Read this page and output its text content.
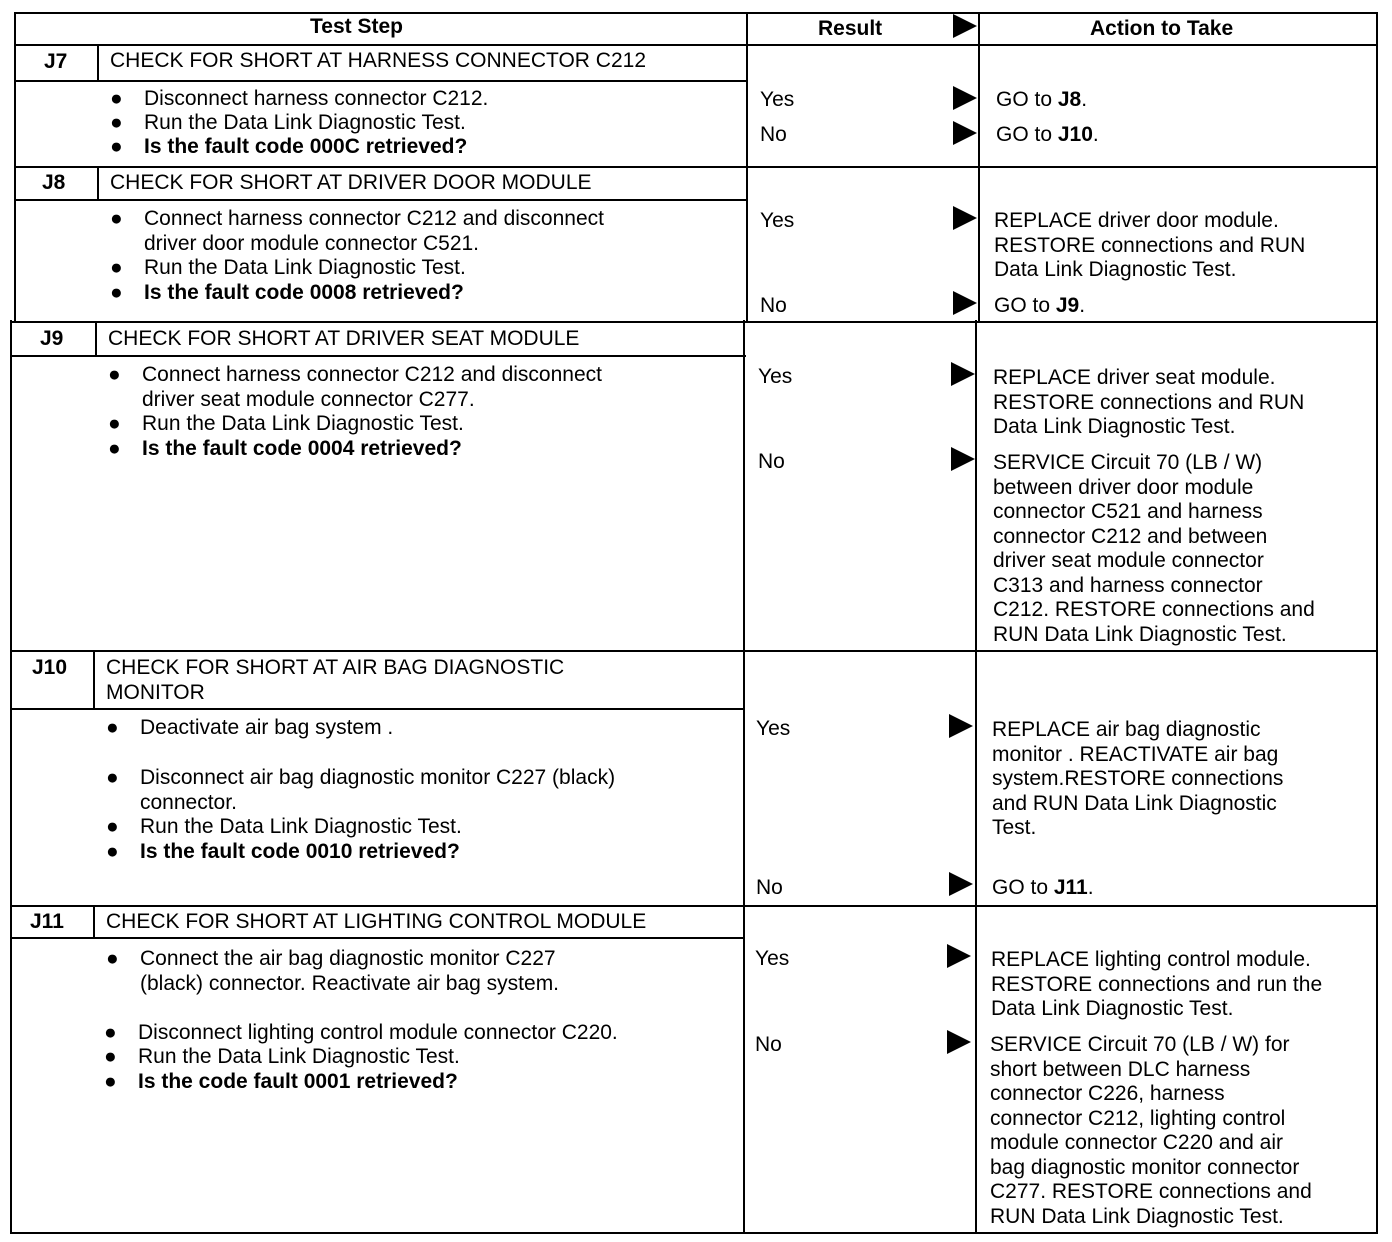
Test Step	Result	Action to Take
J7 CHECK FOR SHORT AT HARNESS CONNECTOR C212
● Disconnect harness connector C212.
● Run the Data Link Diagnostic Test.
● Is the fault code 000C retrieved?
Yes	GO to J8.
No	GO to J10.
J8 CHECK FOR SHORT AT DRIVER DOOR MODULE
● Connect harness connector C212 and disconnect
driver door module connector C521.
● Run the Data Link Diagnostic Test.
● Is the fault code 0008 retrieved?
Yes	REPLACE driver door module.
RESTORE connections and RUN
Data Link Diagnostic Test.
No	GO to J9.
J9 CHECK FOR SHORT AT DRIVER SEAT MODULE
● Connect harness connector C212 and disconnect
driver seat module connector C277.
● Run the Data Link Diagnostic Test.
● Is the fault code 0004 retrieved?
Yes	REPLACE driver seat module.
RESTORE connections and RUN
Data Link Diagnostic Test.
No	SERVICE Circuit 70 (LB / W)
between driver door module
connector C521 and harness
connector C212 and between
driver seat module connector
C313 and harness connector
C212. RESTORE connections and
RUN Data Link Diagnostic Test.
J10 CHECK FOR SHORT AT AIR BAG DIAGNOSTIC
MONITOR
● Deactivate air bag system .
● Disconnect air bag diagnostic monitor C227 (black)
connector.
● Run the Data Link Diagnostic Test.
● Is the fault code 0010 retrieved?
Yes	REPLACE air bag diagnostic
monitor . REACTIVATE air bag
system.RESTORE connections
and RUN Data Link Diagnostic
Test.
No	GO to J11.
J11 CHECK FOR SHORT AT LIGHTING CONTROL MODULE
● Connect the air bag diagnostic monitor C227
(black) connector. Reactivate air bag system.
● Disconnect lighting control module connector C220.
● Run the Data Link Diagnostic Test.
● Is the code fault 0001 retrieved?
Yes	REPLACE lighting control module.
RESTORE connections and run the
Data Link Diagnostic Test.
No	SERVICE Circuit 70 (LB / W) for
short between DLC harness
connector C226, harness
connector C212, lighting control
module connector C220 and air
bag diagnostic monitor connector
C277. RESTORE connections and
RUN Data Link Diagnostic Test.
